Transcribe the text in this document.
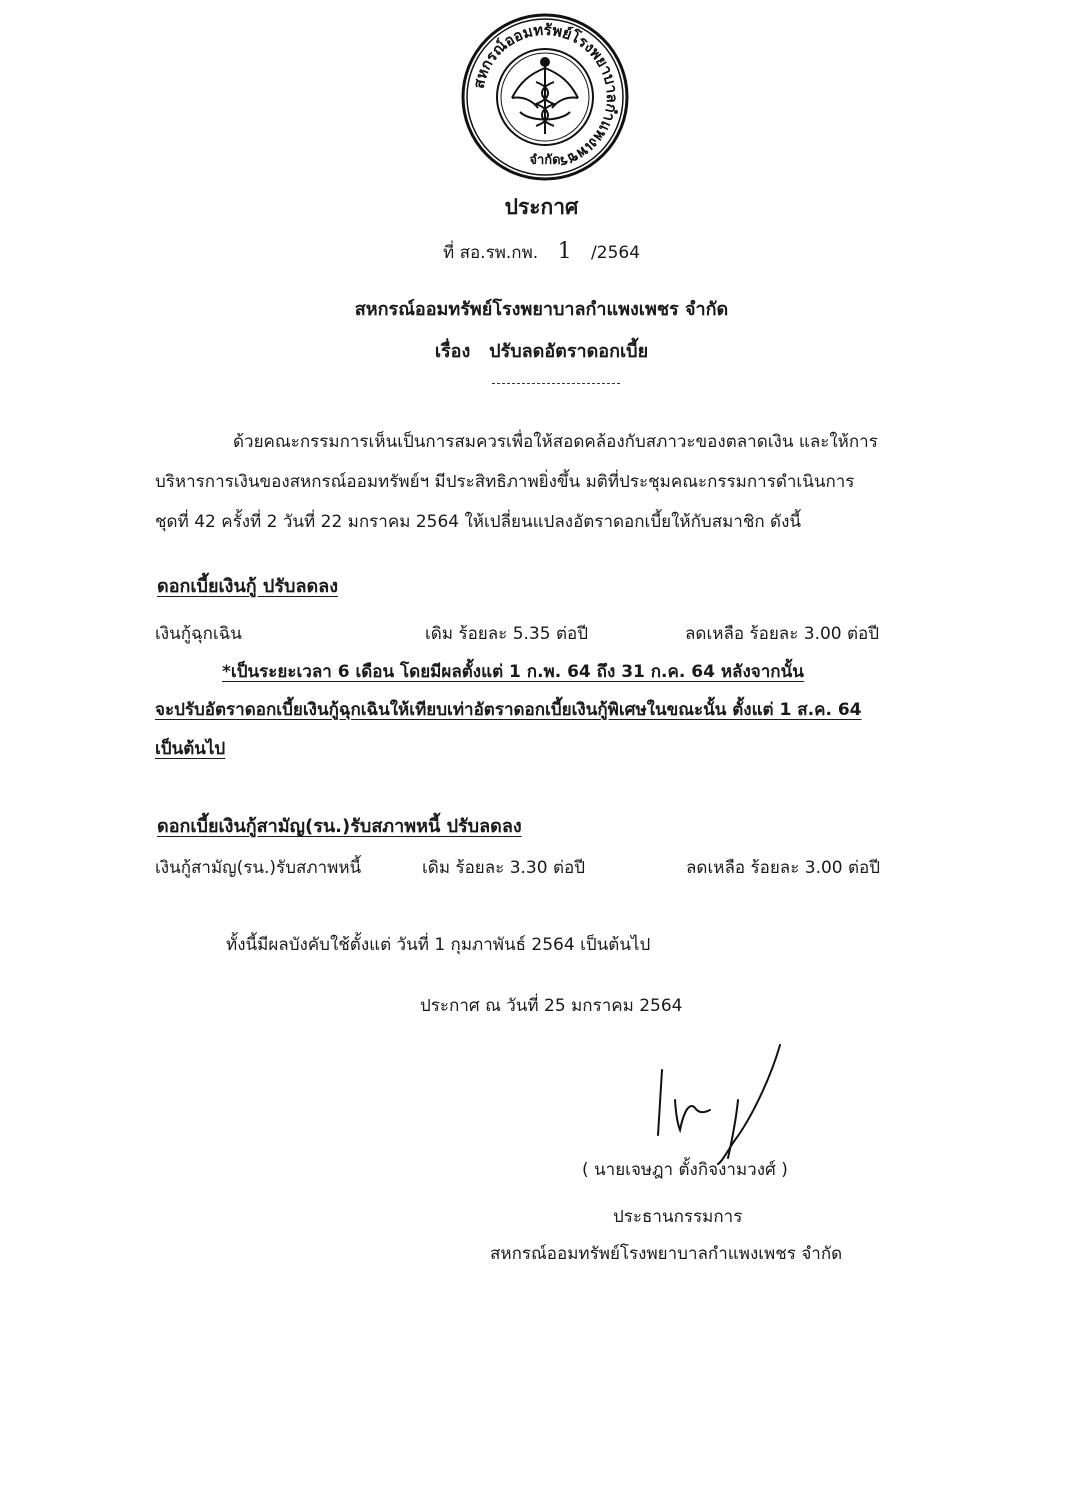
สหกรณ์ออมทรัพย์โรงพยาบาลกำแพงเพชร
จำกัด
ประกาศ
ที่ สอ.รพ.กพ. 1 /2564
สหกรณ์ออมทรัพย์โรงพยาบาลกำแพงเพชร จำกัด
เรื่อง ปรับลดอัตราดอกเบี้ย
ด้วยคณะกรรมการเห็นเป็นการสมควรเพื่อให้สอดคล้องกับสภาวะของตลาดเงิน และให้การ
บริหารการเงินของสหกรณ์ออมทรัพย์ฯ มีประสิทธิภาพยิ่งขึ้น มติที่ประชุมคณะกรรมการดำเนินการ
ชุดที่ 42 ครั้งที่ 2 วันที่ 22 มกราคม 2564 ให้เปลี่ยนแปลงอัตราดอกเบี้ยให้กับสมาชิก ดังนี้
ดอกเบี้ยเงินกู้ ปรับลดลง
เงินกู้ฉุกเฉิน	เดิม ร้อยละ 5.35 ต่อปี	ลดเหลือ ร้อยละ 3.00 ต่อปี
*เป็นระยะเวลา 6 เดือน โดยมีผลตั้งแต่ 1 ก.พ. 64 ถึง 31 ก.ค. 64 หลังจากนั้น
จะปรับอัตราดอกเบี้ยเงินกู้ฉุกเฉินให้เทียบเท่าอัตราดอกเบี้ยเงินกู้พิเศษในขณะนั้น ตั้งแต่ 1 ส.ค. 64
เป็นต้นไป
ดอกเบี้ยเงินกู้สามัญ(รน.)รับสภาพหนี้ ปรับลดลง
เงินกู้สามัญ(รน.)รับสภาพหนี้	เดิม ร้อยละ 3.30 ต่อปี	ลดเหลือ ร้อยละ 3.00 ต่อปี
ทั้งนี้มีผลบังคับใช้ตั้งแต่ วันที่ 1 กุมภาพันธ์ 2564 เป็นต้นไป
ประกาศ ณ วันที่ 25 มกราคม 2564
( นายเจษฎา ตั้งกิจงามวงศ์ )
ประธานกรรมการ
สหกรณ์ออมทรัพย์โรงพยาบาลกำแพงเพชร จำกัด
